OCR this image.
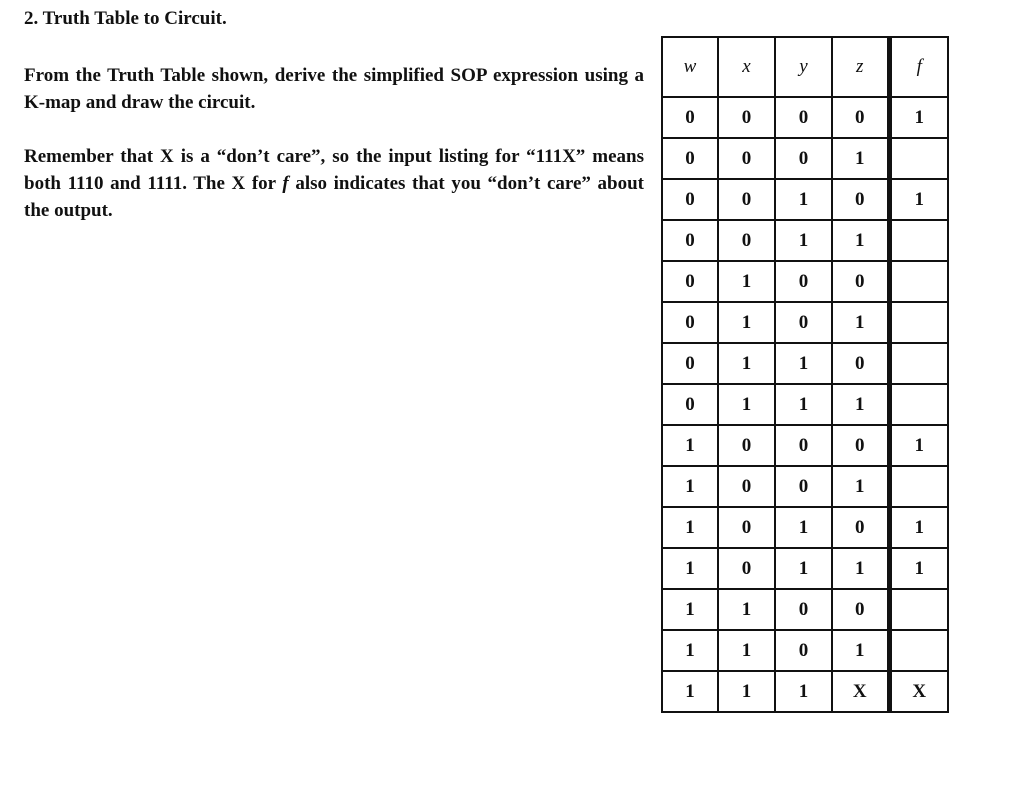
2. Truth Table to Circuit.

From the Truth Table shown, derive the simplified SOP expression using a K-map and draw the circuit.

Remember that X is a “don’t care”, so the input listing for “111X” means both 1110 and 1111. The X for f also indicates that you “don’t care” about the output.

w	x	y	z	f
0	0	0	0	1
0	0	0	1	
0	0	1	0	1
0	0	1	1	
0	1	0	0	
0	1	0	1	
0	1	1	0	
0	1	1	1	
1	0	0	0	1
1	0	0	1	
1	0	1	0	1
1	0	1	1	1
1	1	0	0	
1	1	0	1	
1	1	1	X	X
